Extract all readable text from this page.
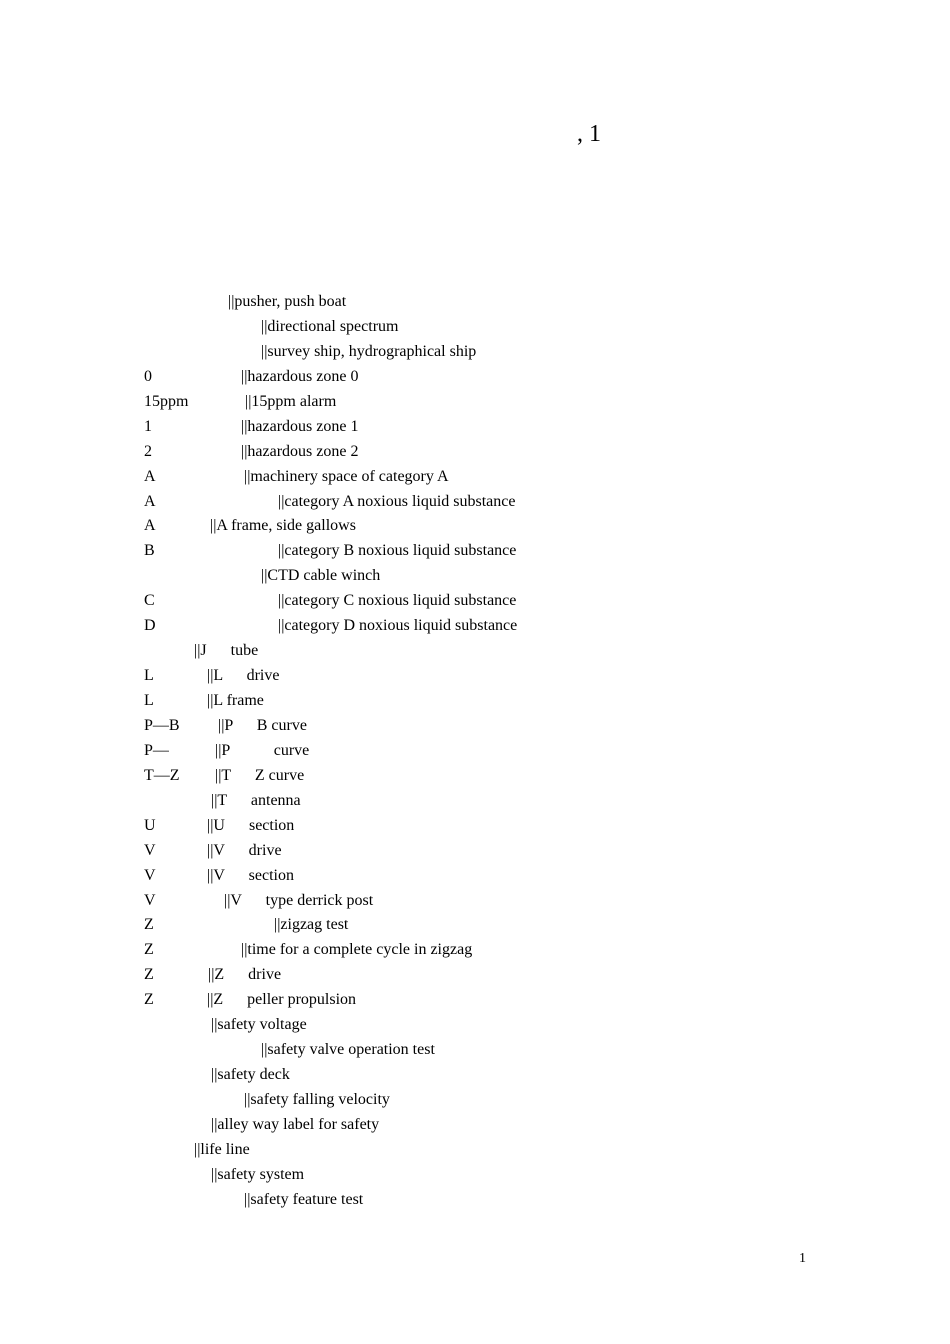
, 1
||pusher, push boat
||directional spectrum
||survey ship, hydrographical ship
0	||hazardous zone 0
15ppm	||15ppm alarm
1	||hazardous zone 1
2	||hazardous zone 2
A	||machinery space of category A
A	||category A noxious liquid substance
A	||A frame, side gallows
B	||category B noxious liquid substance
||CTD cable winch
C	||category C noxious liquid substance
D	||category D noxious liquid substance
||J      tube
L	||L      drive
L	||L frame
P—B ||P      B curve
P—	||P           curve
T—Z ||T      Z curve
||T      antenna
U	||U      section
V	||V      drive
V	||V      section
V	||V      type derrick post
Z	||zigzag test
Z	||time for a complete cycle in zigzag
Z	||Z      drive
Z	||Z      peller propulsion
||safety voltage
||safety valve operation test
||safety deck
||safety falling velocity
||alley way label for safety
||life line
||safety system
||safety feature test
1
